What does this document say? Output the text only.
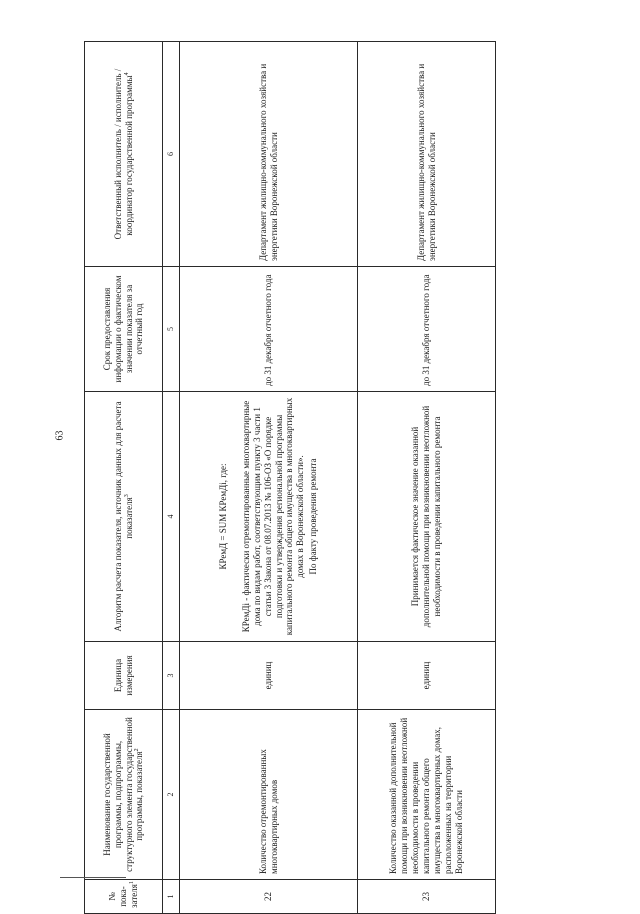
63
№ пока-зателя$^1$	Наименование государственной программы, подпрограммы, структурного элемента государственной программы, показателя$^2$	Единица измерения	Алгоритм расчета показателя, источник данных для расчета показателя$^3$	Срок предоставления информации о фактическом значении показателя за отчетный год	Ответственный исполнитель / исполнитель / координатор государственной программы$^4$
1	2	3	4	5	6
22	Количество отремонтированных многоквартирных домов	единиц	КРемД = SUM КРемДi, где: КРемДi - фактически отремонтированные многоквартирные дома по видам работ, соответствующим пункту 3 части 1 статьи 3 Закона от 08.07.2013 № 106-ОЗ «О порядке подготовки и утверждения региональной программы капитального ремонта общего имущества в многоквартирных домах в Воронежской области». По факту проведения ремонта	до 31 декабря отчетного года	Департамент жилищно-коммунального хозяйства и энергетики Воронежской области
23	Количество оказанной дополнительной помощи при возникновении неотложной необходимости в проведении капитального ремонта общего имущества в многоквартирных домах, расположенных на территории Воронежской области	единиц	Принимается фактическое значение оказанной дополнительной помощи при возникновении неотложной необходимости в проведении капитального ремонта	до 31 декабря отчетного года	Департамент жилищно-коммунального хозяйства и энергетики Воронежской области
